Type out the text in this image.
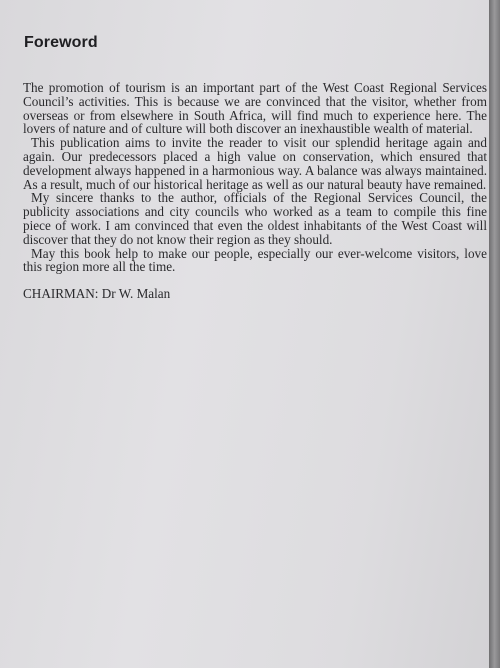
Foreword

The promotion of tourism is an important part of the West Coast Regional Services Council’s activities. This is because we are convinced that the visitor, whether from overseas or from elsewhere in South Africa, will find much to experience here. The lovers of nature and of culture will both discover an inexhaustible wealth of material.

This publication aims to invite the reader to visit our splendid heritage again and again. Our predecessors placed a high value on conservation, which ensured that development always happened in a harmonious way. A balance was always maintained. As a result, much of our historical heritage as well as our natural beauty have remained.

My sincere thanks to the author, officials of the Regional Services Council, the publicity associations and city councils who worked as a team to compile this fine piece of work. I am convinced that even the oldest inhabitants of the West Coast will discover that they do not know their region as they should.

May this book help to make our people, especially our ever-welcome visitors, love this region more all the time.

CHAIRMAN: Dr W. Malan
